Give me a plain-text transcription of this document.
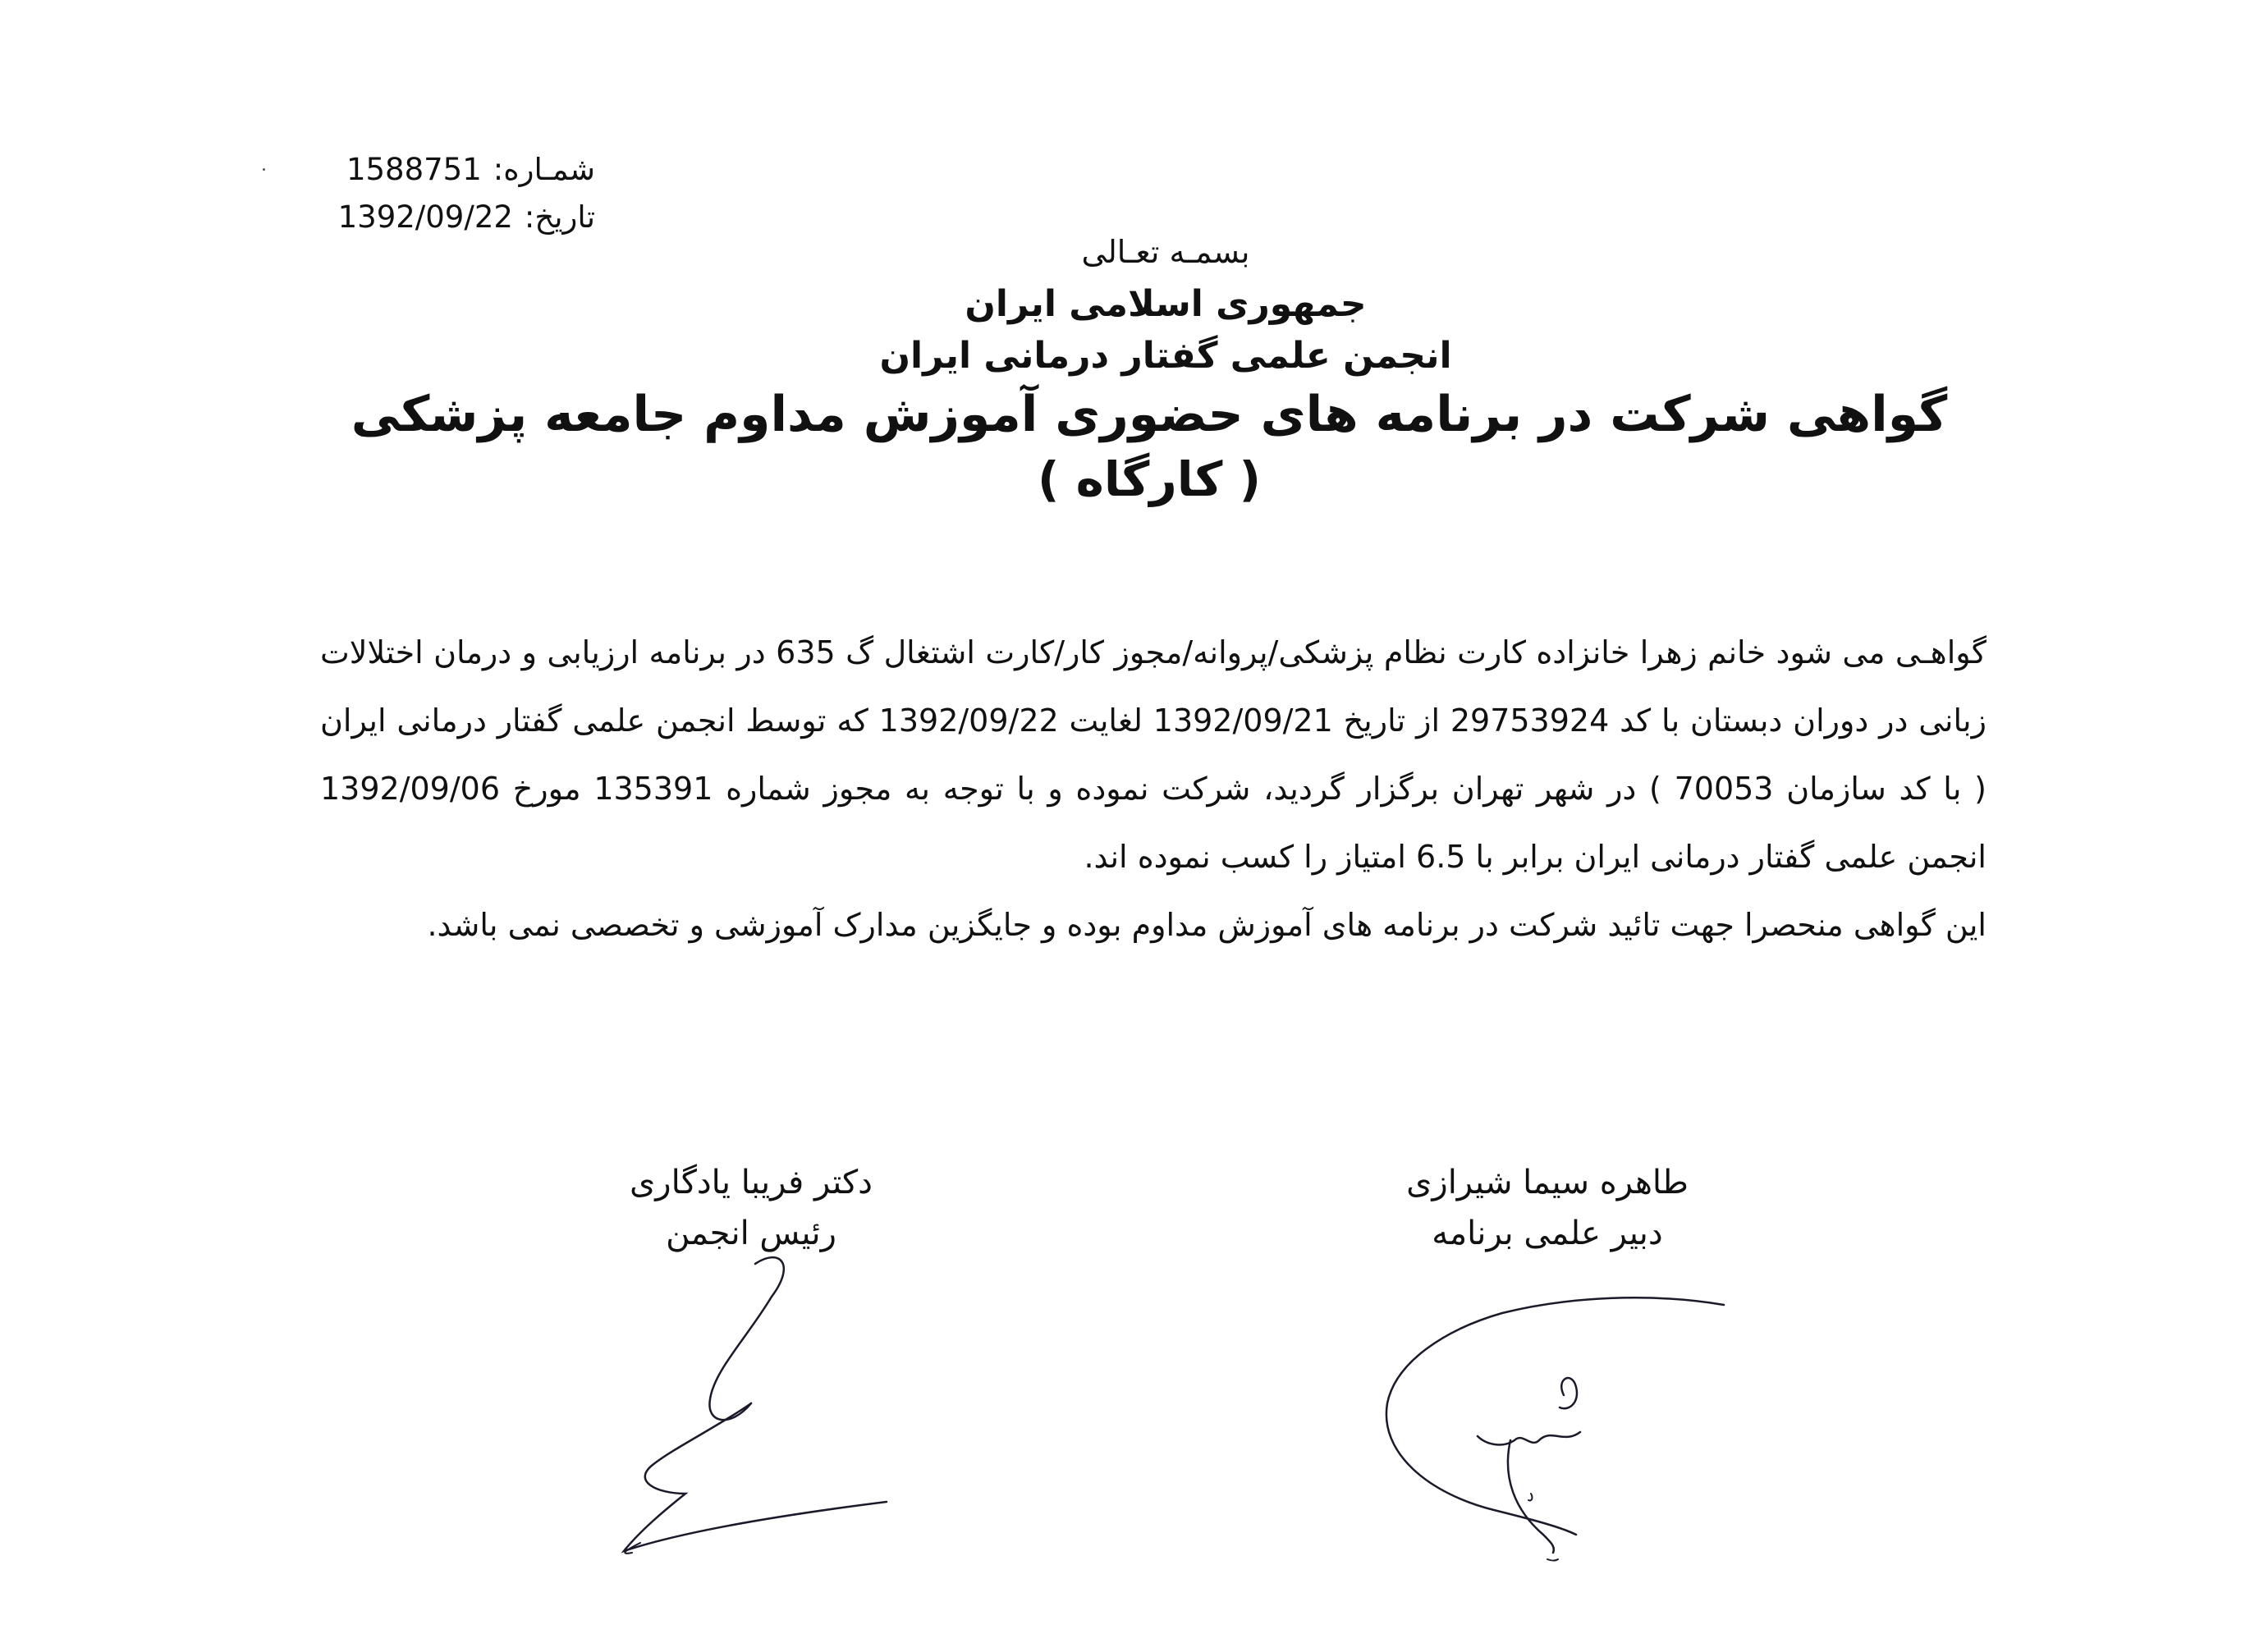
شمـاره:1588751
تاریخ:1392/09/22
بسمـه تعـالی
جمهوری اسلامی ایران
انجمن علمی گفتار درمانی ایران
گواهی شرکت در برنامه های حضوری آموزش مداوم جامعه پزشکی
( کارگاه )

گواهـی می شود خانم زهرا خانزاده کارت نظام پزشکی/پروانه/مجوز کار/کارت اشتغال گ 635 در برنامه ارزیابی و درمان اختلالات زبانی در دوران دبستان با کد 29753924 از تاریخ 1392/09/21 لغایت 1392/09/22 که توسط انجمن علمی گفتار درمانی ایران ( با کد سازمان 70053 ) در شهر تهران برگزار گردید، شرکت نموده و با توجه به مجوز شماره 135391 مورخ 1392/09/06 انجمن علمی گفتار درمانی ایران برابر با 6.5 امتیاز را کسب نموده اند.

این گواهی منحصرا جهت تائید شرکت در برنامه های آموزش مداوم بوده و جایگزین مدارک آموزشی و تخصصی نمی باشد.

طاهره سیما شیرازی
دبیر علمی برنامه
دکتر فریبا یادگاری
رئیس انجمن
